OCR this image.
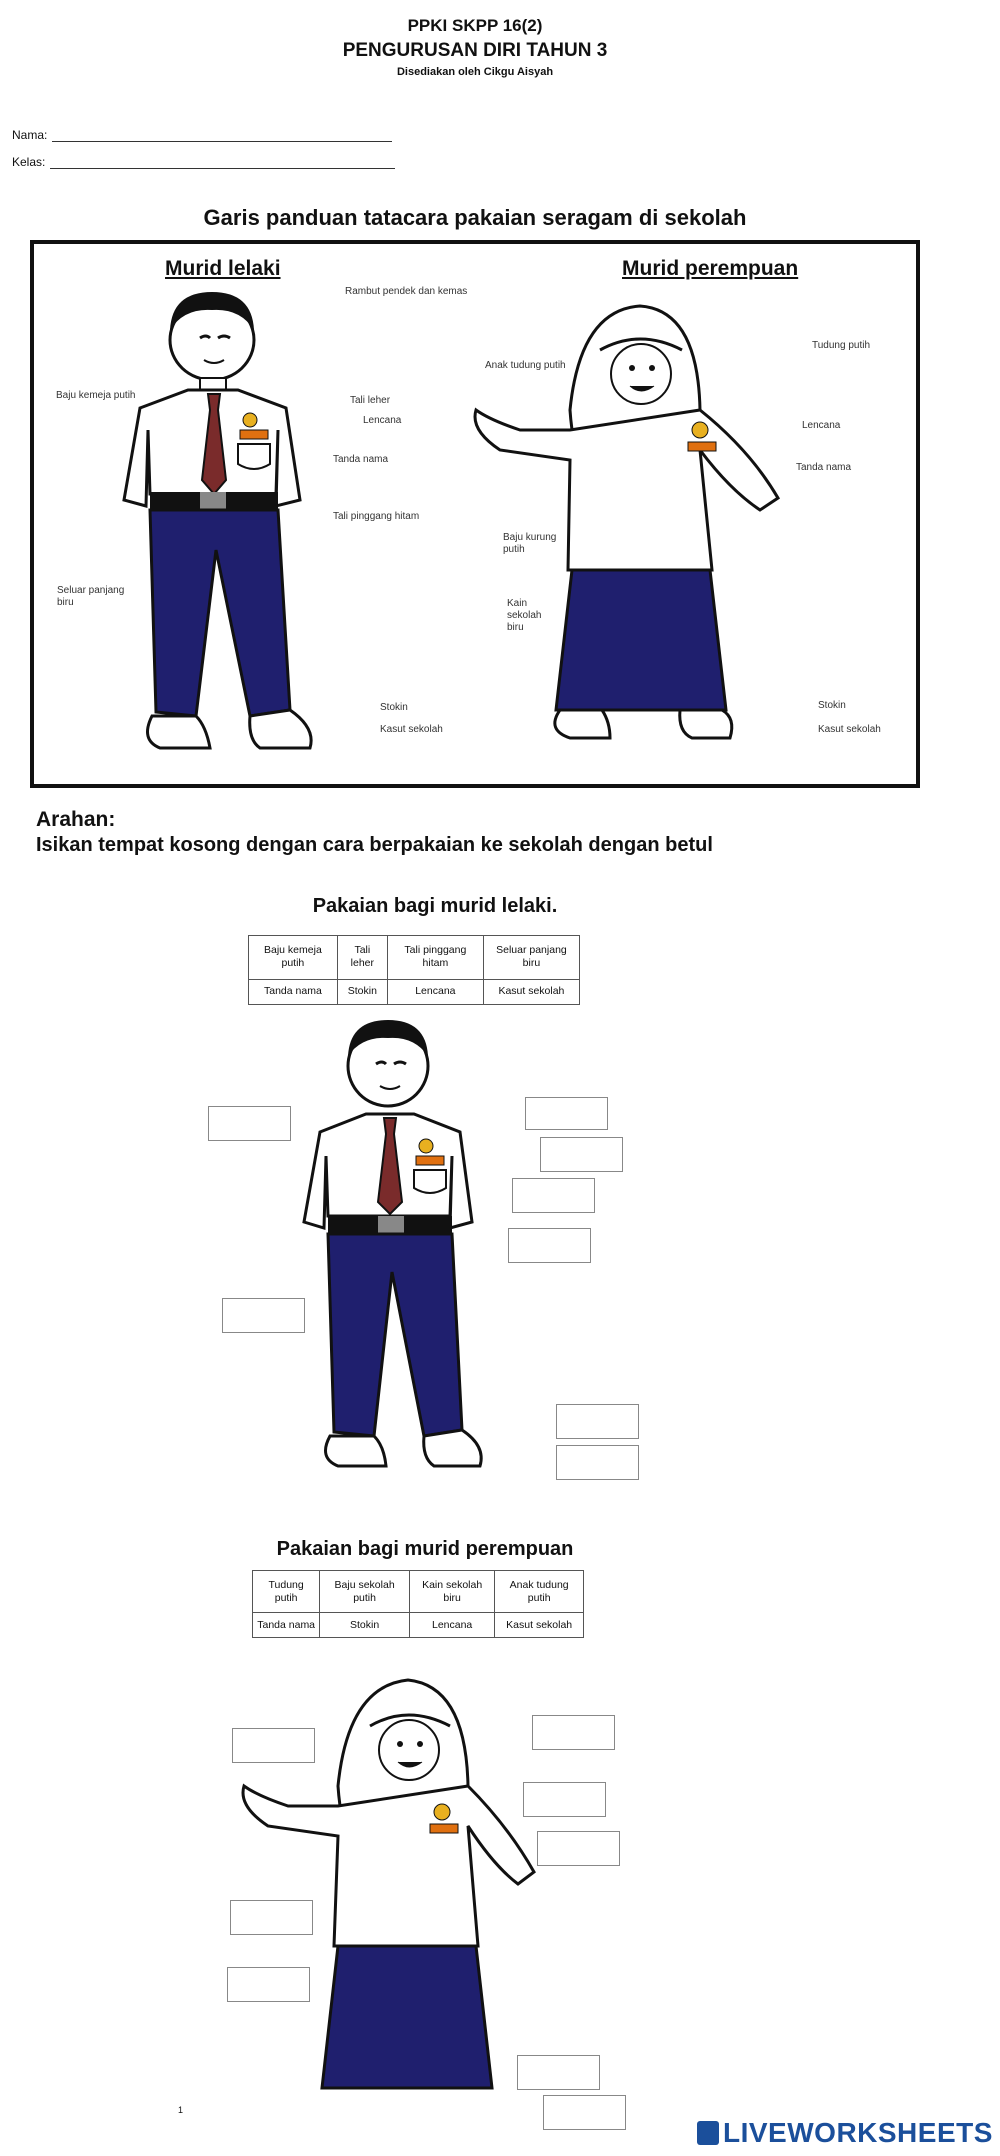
PPKI SKPP 16(2)
PENGURUSAN DIRI TAHUN 3
Disediakan oleh Cikgu Aisyah
Nama:
Kelas:
Garis panduan tatacara pakaian seragam di sekolah
Murid lelaki	Murid perempuan
Rambut pendek dan kemas
Baju kemeja putih	Tali leher
Lencana
Tanda nama
Tali pinggang hitam
Seluar panjang biru
Stokin
Kasut sekolah
Anak tudung putih
Tudung putih
Lencana
Tanda nama
Baju kurung putih
Kain sekolah biru
Stokin
Kasut sekolah
Arahan:
Isikan tempat kosong dengan cara berpakaian ke sekolah dengan betul
Pakaian bagi murid lelaki.
Baju kemeja putih	Tali leher	Tali pinggang hitam	Seluar panjang biru
Tanda nama	Stokin	Lencana	Kasut sekolah
Pakaian bagi murid perempuan
Tudung putih	Baju sekolah putih	Kain sekolah biru	Anak tudung putih
Tanda nama	Stokin	Lencana	Kasut sekolah
1
LIVEWORKSHEETS
